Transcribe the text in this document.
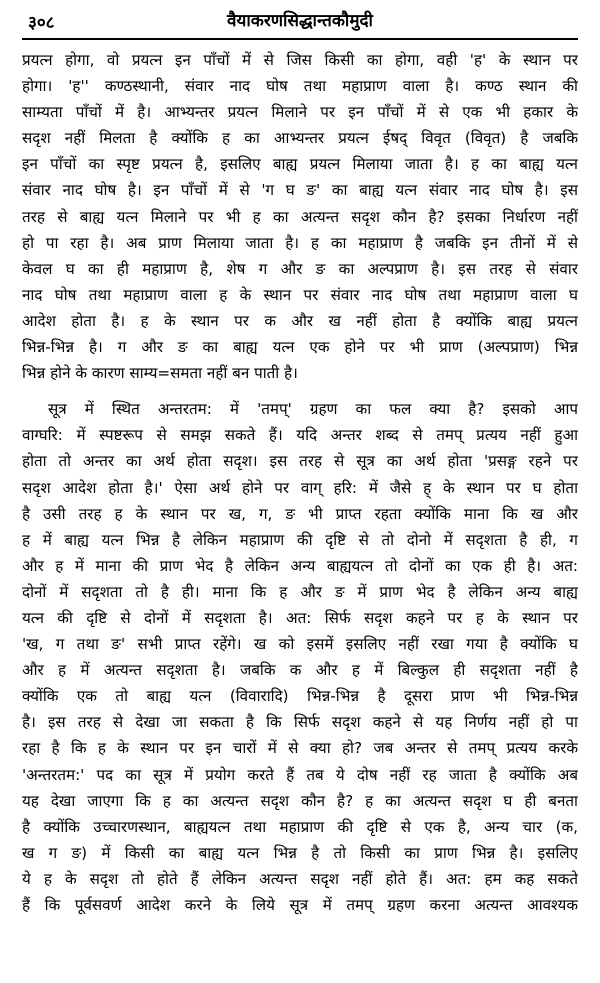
३०८	वैयाकरणसिद्धान्तकौमुदी
प्रयत्न होगा, वो प्रयत्न इन पाँचों में से जिस किसी का होगा, वही 'ह' के स्थान पर
होगा। 'ह'' कण्ठस्थानी, संवार नाद घोष तथा महाप्राण वाला है। कण्ठ स्थान की
साम्यता पाँचों में है। आभ्यन्तर प्रयत्न मिलाने पर इन पाँचों में से एक भी हकार के
सदृश नहीं मिलता है क्योंकि ह का आभ्यन्तर प्रयत्न ईषद् विवृत (विवृत) है जबकि
इन पाँचों का स्पृष्ट प्रयत्न है, इसलिए बाह्य प्रयत्न मिलाया जाता है। ह का बाह्य यत्न
संवार नाद घोष है। इन पाँचों में से 'ग घ ङ' का बाह्य यत्न संवार नाद घोष है। इस
तरह से बाह्य यत्न मिलाने पर भी ह का अत्यन्त सदृश कौन है? इसका निर्धारण नहीं
हो पा रहा है। अब प्राण मिलाया जाता है। ह का महाप्राण है जबकि इन तीनों में से
केवल घ का ही महाप्राण है, शेष ग और ङ का अल्पप्राण है। इस तरह से संवार
नाद घोष तथा महाप्राण वाला ह के स्थान पर संवार नाद घोष तथा महाप्राण वाला घ
आदेश होता है। ह के स्थान पर क और ख नहीं होता है क्योंकि बाह्य प्रयत्न
भिन्न-भिन्न है। ग और ङ का बाह्य यत्न एक होने पर भी प्राण (अल्पप्राण) भिन्न
भिन्न होने के कारण साम्य=समता नहीं बन पाती है।
सूत्र में स्थित अन्तरतम: में 'तमप्' ग्रहण का फल क्या है? इसको आप
वाग्घरि: में स्पष्टरूप से समझ सकते हैं। यदि अन्तर शब्द से तमप् प्रत्यय नहीं हुआ
होता तो अन्तर का अर्थ होता सदृश। इस तरह से सूत्र का अर्थ होता 'प्रसङ्ग रहने पर
सदृश आदेश होता है।' ऐसा अर्थ होने पर वाग् हरि: में जैसे ह् के स्थान पर घ होता
है उसी तरह ह के स्थान पर ख, ग, ङ भी प्राप्त रहता क्योंकि माना कि ख और
ह में बाह्य यत्न भिन्न है लेकिन महाप्राण की दृष्टि से तो दोनो में सदृशता है ही, ग
और ह में माना की प्राण भेद है लेकिन अन्य बाह्ययत्न तो दोनों का एक ही है। अत:
दोनों में सदृशता तो है ही। माना कि ह और ङ में प्राण भेद है लेकिन अन्य बाह्य
यत्न की दृष्टि से दोनों में सदृशता है। अत: सिर्फ सदृश कहने पर ह के स्थान पर
'ख, ग तथा ङ' सभी प्राप्त रहेंगे। ख को इसमें इसलिए नहीं रखा गया है क्योंकि घ
और ह में अत्यन्त सदृशता है। जबकि क और ह में बिल्कुल ही सदृशता नहीं है
क्योंकि एक तो बाह्य यत्न (विवारादि) भिन्न-भिन्न है दूसरा प्राण भी भिन्न-भिन्न
है। इस तरह से देखा जा सकता है कि सिर्फ सदृश कहने से यह निर्णय नहीं हो पा
रहा है कि ह के स्थान पर इन चारों में से क्या हो? जब अन्तर से तमप् प्रत्यय करके
'अन्तरतम:' पद का सूत्र में प्रयोग करते हैं तब ये दोष नहीं रह जाता है क्योंकि अब
यह देखा जाएगा कि ह का अत्यन्त सदृश कौन है? ह का अत्यन्त सदृश घ ही बनता
है क्योंकि उच्चारणस्थान, बाह्ययत्न तथा महाप्राण की दृष्टि से एक है, अन्य चार (क,
ख ग ङ) में किसी का बाह्य यत्न भिन्न है तो किसी का प्राण भिन्न है। इसलिए
ये ह के सदृश तो होते हैं लेकिन अत्यन्त सदृश नहीं होते हैं। अत: हम कह सकते
हैं कि पूर्वसवर्ण आदेश करने के लिये सूत्र में तमप् ग्रहण करना अत्यन्त आवश्यक
